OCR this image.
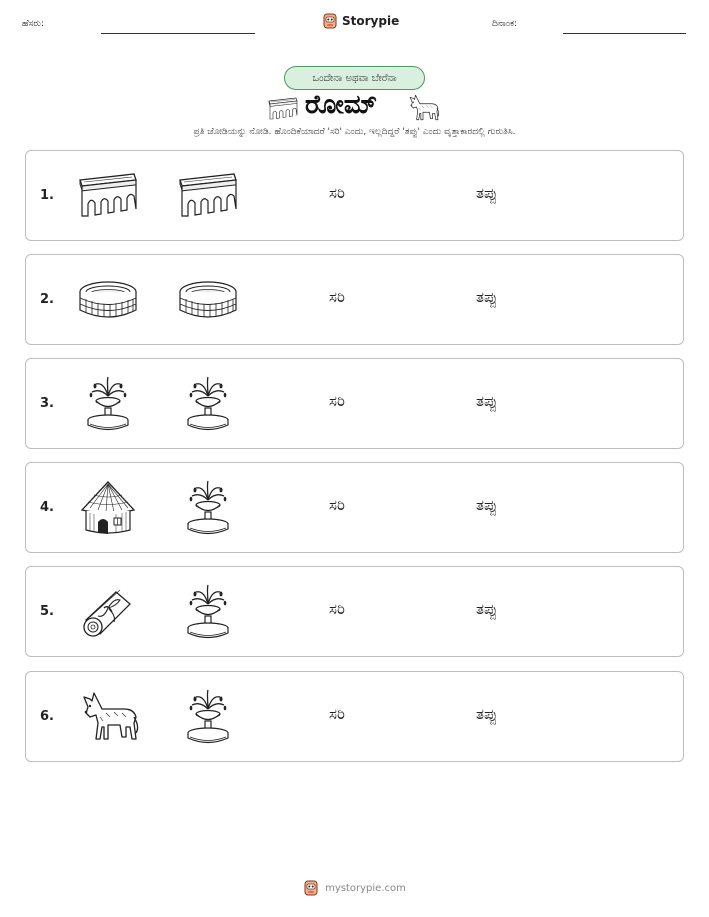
ಹೆಸರು:	Storypie	ದಿನಾಂಕ:
ಒಂದೇನಾ ಅಥವಾ ಬೇರೆನಾ
ರೋಮ್
ಪ್ರತಿ ಜೋಡಿಯನ್ನು ನೋಡಿ. ಹೊಂದಿಕೆಯಾದರೆ 'ಸರಿ' ಎಂದು, ಇಲ್ಲದಿದ್ದರೆ 'ತಪ್ಪು' ಎಂದು ವೃತ್ತಾಕಾರದಲ್ಲಿ ಗುರುತಿಸಿ.
1.	ಸರಿ	ತಪ್ಪು
2.	ಸರಿ	ತಪ್ಪು
3.	ಸರಿ	ತಪ್ಪು
4.	ಸರಿ	ತಪ್ಪು
5.	ಸರಿ	ತಪ್ಪು
6.	ಸರಿ	ತಪ್ಪು
mystorypie.com
